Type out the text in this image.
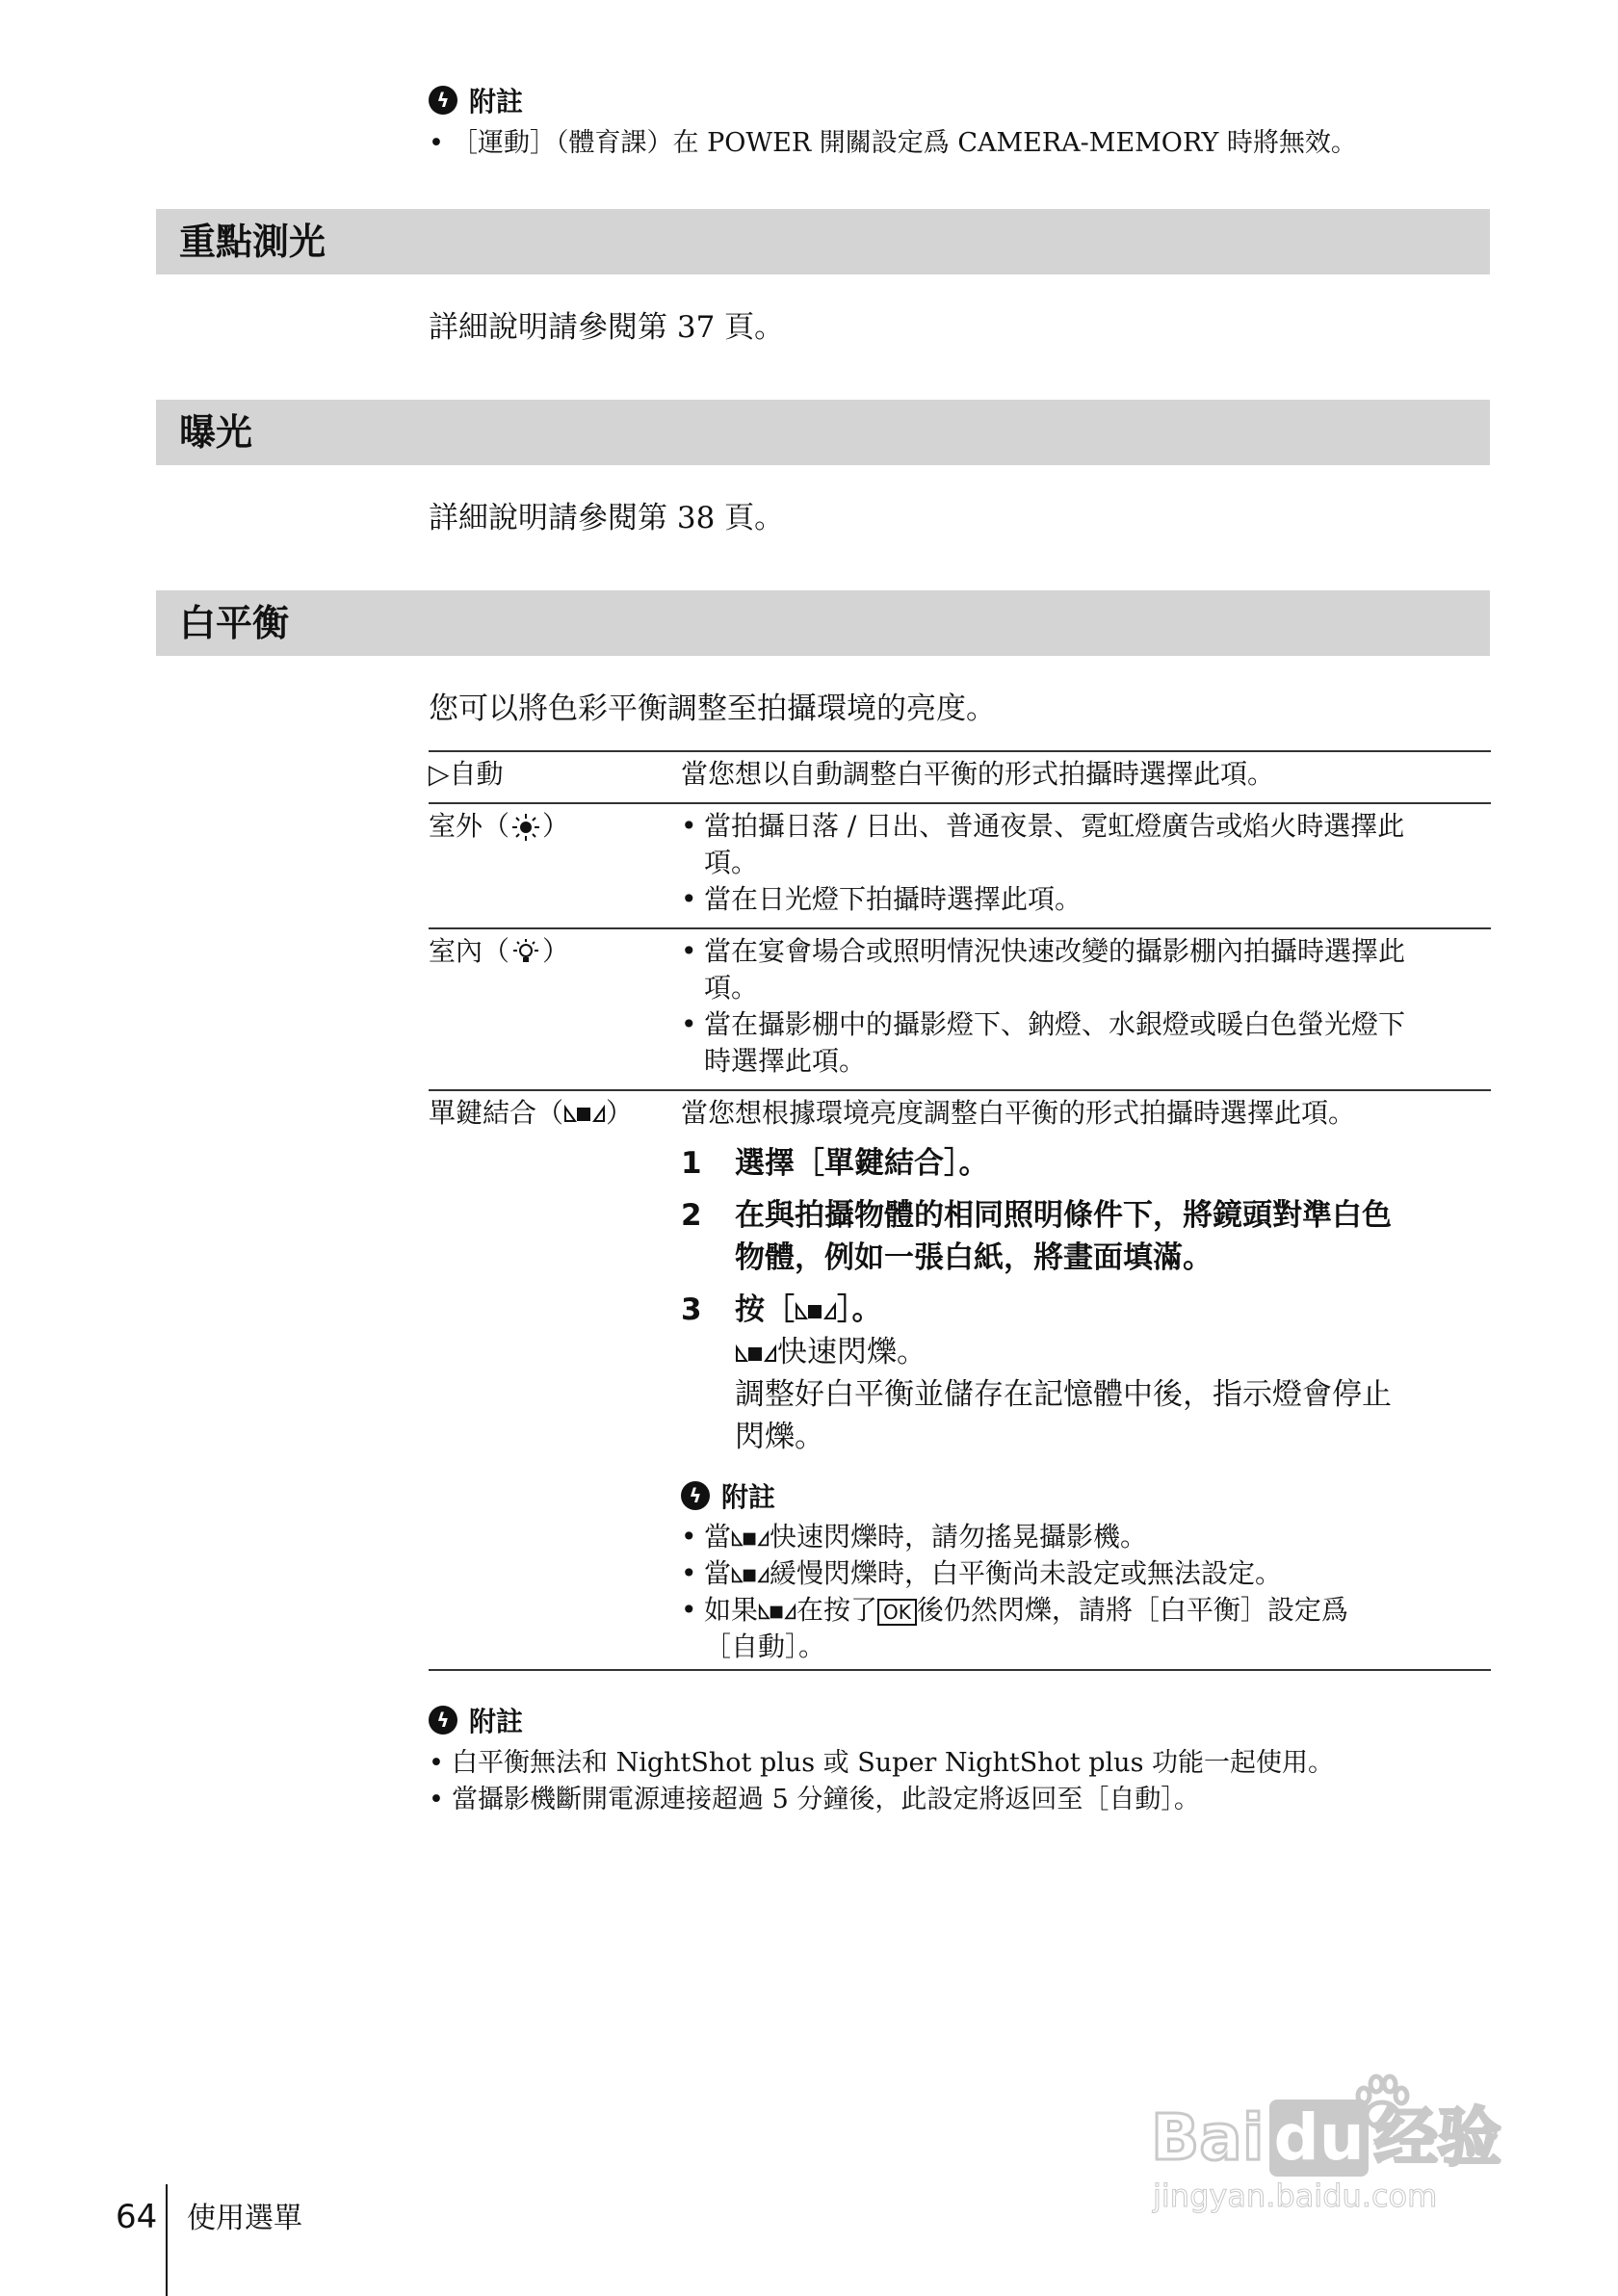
ϟ 附註
• ［運動］（體育課）在 POWER 開關設定爲 CAMERA-MEMORY 時將無效。
重點測光
詳細說明請參閱第 37 頁。
曝光
詳細說明請參閱第 38 頁。
白平衡
您可以將色彩平衡調整至拍攝環境的亮度。
▷自動	當您想以自動調整白平衡的形式拍攝時選擇此項。
室外（ ）	• 當拍攝日落 / 日出、普通夜景、霓虹燈廣告或焰火時選擇此
項。
• 當在日光燈下拍攝時選擇此項。
室內（ ）	• 當在宴會場合或照明情況快速改變的攝影棚內拍攝時選擇此
項。
• 當在攝影棚中的攝影燈下、鈉燈、水銀燈或暖白色螢光燈下
時選擇此項。
單鍵結合（ ） 當您想根據環境亮度調整白平衡的形式拍攝時選擇此項。
1 選擇［單鍵結合］。
2 在與拍攝物體的相同照明條件下，將鏡頭對準白色
物體，例如一張白紙，將畫面填滿。
3 按［ ］。
快速閃爍。
調整好白平衡並儲存在記憶體中後，指示燈會停止
閃爍。
ϟ 附註
• 當 快速閃爍時，請勿搖晃攝影機。
• 當 緩慢閃爍時，白平衡尚未設定或無法設定。
• 如果 在按了 OK 後仍然閃爍，請將［白平衡］設定爲
［自動］。
ϟ 附註
• 白平衡無法和 NightShot plus 或 Super NightShot plus 功能一起使用。
• 當攝影機斷開電源連接超過 5 分鐘後，此設定將返回至［自動］。
Bai du 经验
jingyan.baidu.com
64 使用選單
